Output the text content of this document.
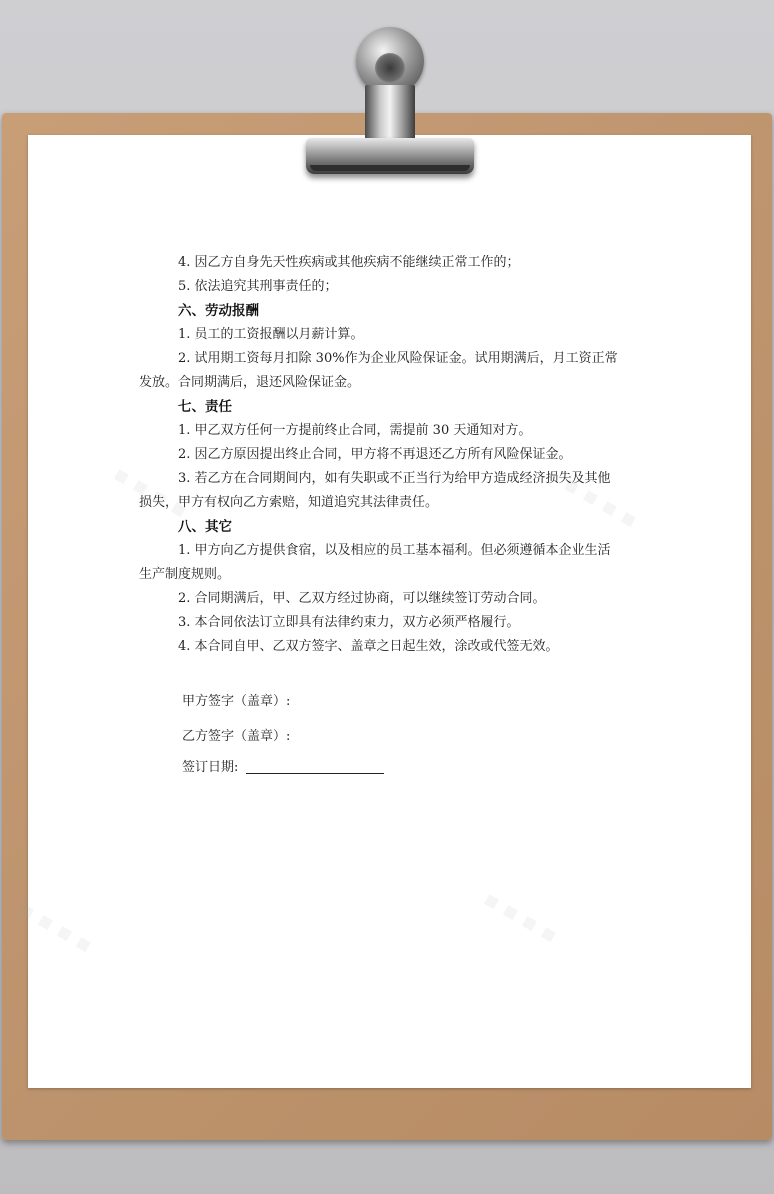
▪ ▪ ▪ ▪	▪ ▪ ▪ ▪
▪ ▪ ▪ ▪	▪ ▪ ▪ ▪
4. 因乙方自身先天性疾病或其他疾病不能继续正常工作的；
5. 依法追究其刑事责任的；
六、劳动报酬
1. 员工的工资报酬以月薪计算。
2. 试用期工资每月扣除 30%作为企业风险保证金。试用期满后，月工资正常
发放。合同期满后，退还风险保证金。
七、责任
1. 甲乙双方任何一方提前终止合同，需提前 30 天通知对方。
2. 因乙方原因提出终止合同，甲方将不再退还乙方所有风险保证金。
3. 若乙方在合同期间内，如有失职或不正当行为给甲方造成经济损失及其他
损失，甲方有权向乙方索赔，知道追究其法律责任。
八、其它
1. 甲方向乙方提供食宿，以及相应的员工基本福利。但必须遵循本企业生活
生产制度规则。
2. 合同期满后，甲、乙双方经过协商，可以继续签订劳动合同。
3. 本合同依法订立即具有法律约束力，双方必须严格履行。
4. 本合同自甲、乙双方签字、盖章之日起生效，涂改或代签无效。
甲方签字（盖章）:
乙方签字（盖章）:
签订日期:
